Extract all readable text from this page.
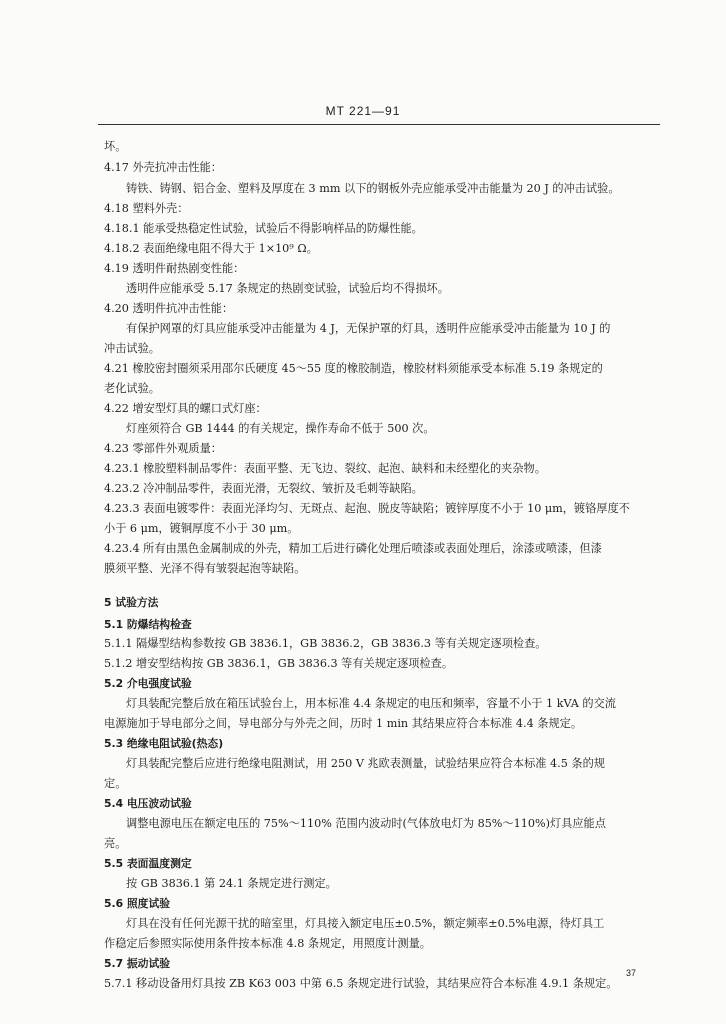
MT 221—91
坏。
4.17 外壳抗冲击性能：
铸铁、铸钢、铝合金、塑料及厚度在 3 mm 以下的钢板外壳应能承受冲击能量为 20 J 的冲击试验。
4.18 塑料外壳：
4.18.1 能承受热稳定性试验，试验后不得影响样品的防爆性能。
4.18.2 表面绝缘电阻不得大于 1×10⁹ Ω。
4.19 透明件耐热剧变性能：
透明件应能承受 5.17 条规定的热剧变试验，试验后均不得损坏。
4.20 透明件抗冲击性能：
有保护网罩的灯具应能承受冲击能量为 4 J，无保护罩的灯具，透明件应能承受冲击能量为 10 J 的
冲击试验。
4.21 橡胶密封圈须采用邵尔氏硬度 45～55 度的橡胶制造，橡胶材料须能承受本标准 5.19 条规定的
老化试验。
4.22 增安型灯具的螺口式灯座：
灯座须符合 GB 1444 的有关规定，操作寿命不低于 500 次。
4.23 零部件外观质量：
4.23.1 橡胶塑料制品零件：表面平整、无飞边、裂纹、起泡、缺料和未经塑化的夹杂物。
4.23.2 冷冲制品零件，表面光滑，无裂纹、皱折及毛刺等缺陷。
4.23.3 表面电镀零件：表面光泽均匀、无斑点、起泡、脱皮等缺陷；镀锌厚度不小于 10 μm，镀铬厚度不
小于 6 μm，镀铜厚度不小于 30 μm。
4.23.4 所有由黑色金属制成的外壳，精加工后进行磷化处理后喷漆或表面处理后，涂漆或喷漆，但漆
膜须平整、光泽不得有皱裂起泡等缺陷。
5 试验方法
5.1 防爆结构检查
5.1.1 隔爆型结构参数按 GB 3836.1，GB 3836.2，GB 3836.3 等有关规定逐项检查。
5.1.2 增安型结构按 GB 3836.1，GB 3836.3 等有关规定逐项检查。
5.2 介电强度试验
灯具装配完整后放在箱压试验台上，用本标准 4.4 条规定的电压和频率，容量不小于 1 kVA 的交流
电源施加于导电部分之间，导电部分与外壳之间，历时 1 min 其结果应符合本标准 4.4 条规定。
5.3 绝缘电阻试验(热态)
灯具装配完整后应进行绝缘电阻测试，用 250 V 兆欧表测量，试验结果应符合本标准 4.5 条的规
定。
5.4 电压波动试验
调整电源电压在额定电压的 75%～110% 范围内波动时(气体放电灯为 85%～110%)灯具应能点
亮。
5.5 表面温度测定
按 GB 3836.1 第 24.1 条规定进行测定。
5.6 照度试验
灯具在没有任何光源干扰的暗室里，灯具接入额定电压±0.5%，额定频率±0.5%电源，待灯具工
作稳定后参照实际使用条件按本标准 4.8 条规定，用照度计测量。
5.7 振动试验
5.7.1 移动设备用灯具按 ZB K63 003 中第 6.5 条规定进行试验，其结果应符合本标准 4.9.1 条规定。
37
